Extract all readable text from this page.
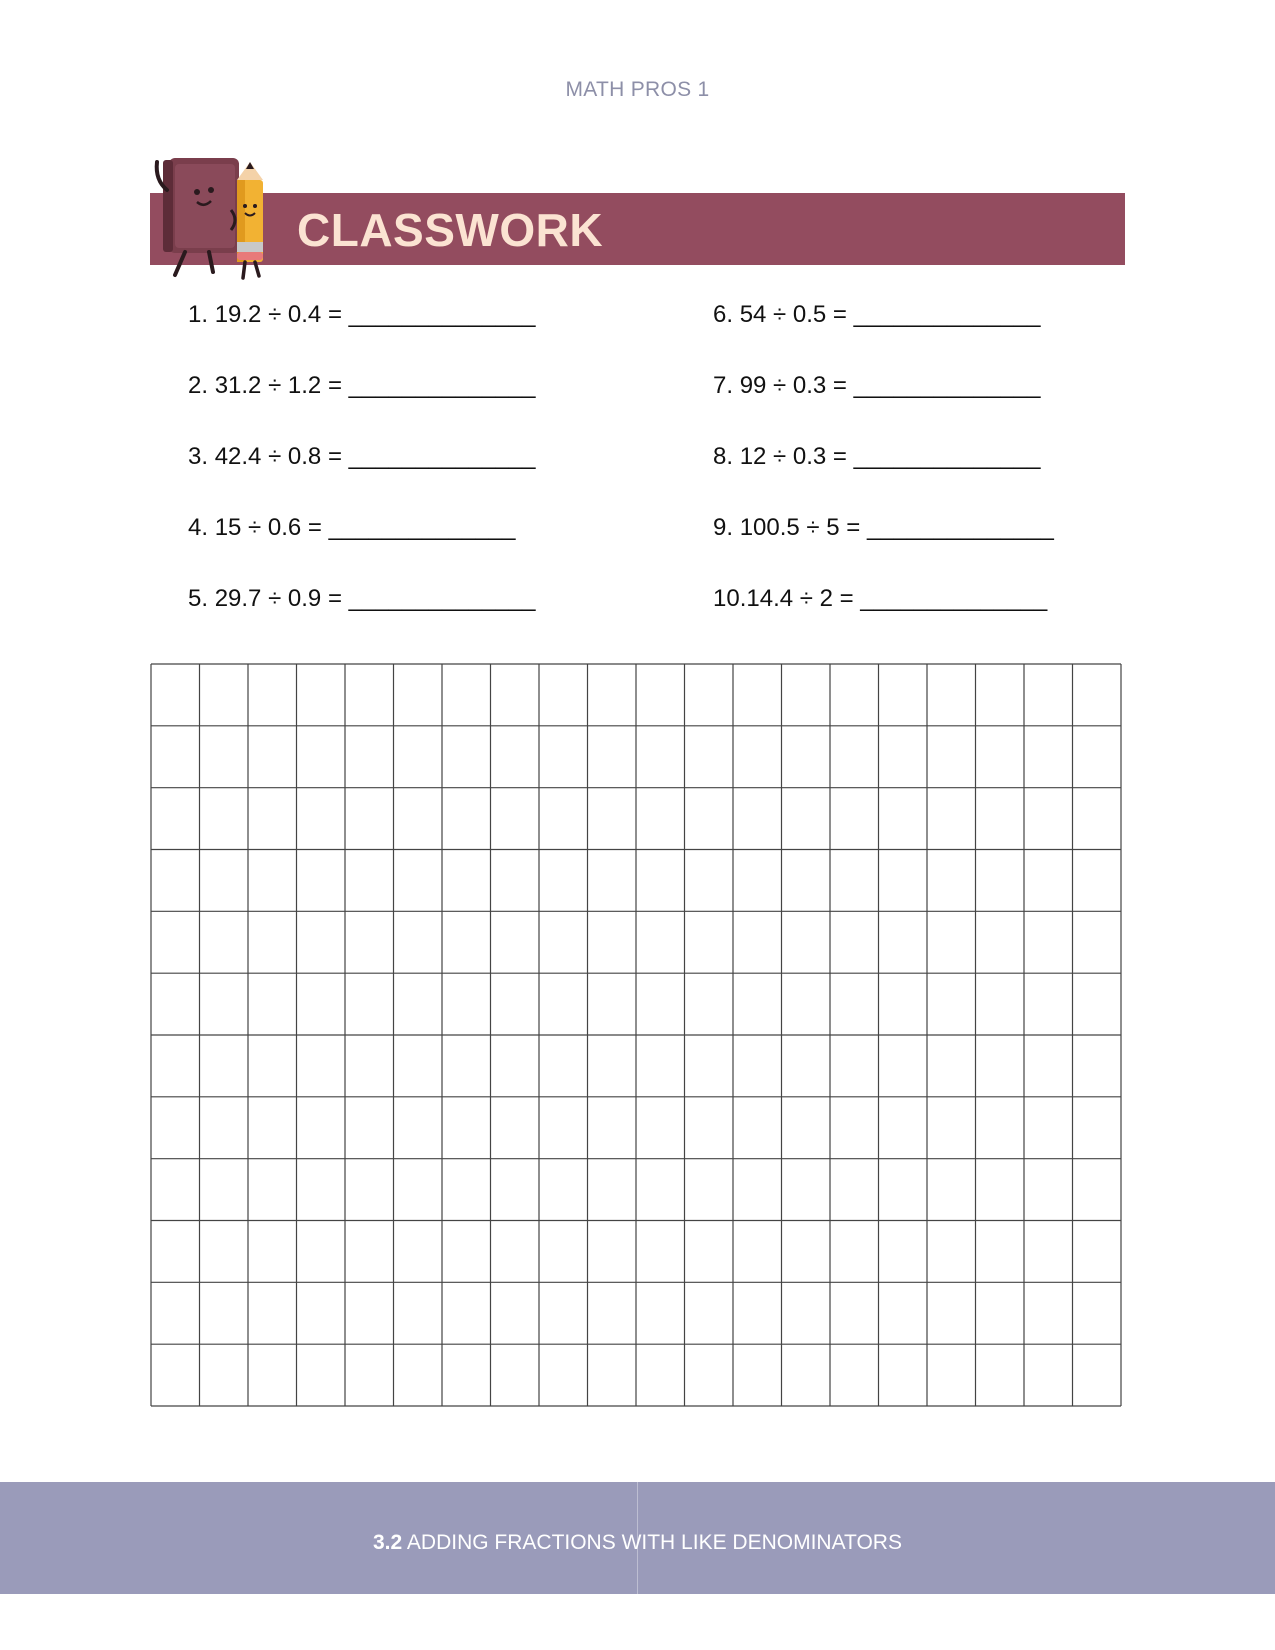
MATH PROS 1
CLASSWORK
1. 19.2 ÷ 0.4 = ______________
2. 31.2 ÷ 1.2 = ______________
3. 42.4 ÷ 0.8 = ______________
4. 15 ÷ 0.6 = ______________
5. 29.7 ÷ 0.9 = ______________
6. 54 ÷ 0.5 = ______________
7. 99 ÷ 0.3 = ______________
8. 12 ÷ 0.3 = ______________
9. 100.5 ÷ 5 = ______________
10.14.4 ÷ 2 = ______________
3.2 ADDING FRACTIONS WITH LIKE DENOMINATORS
